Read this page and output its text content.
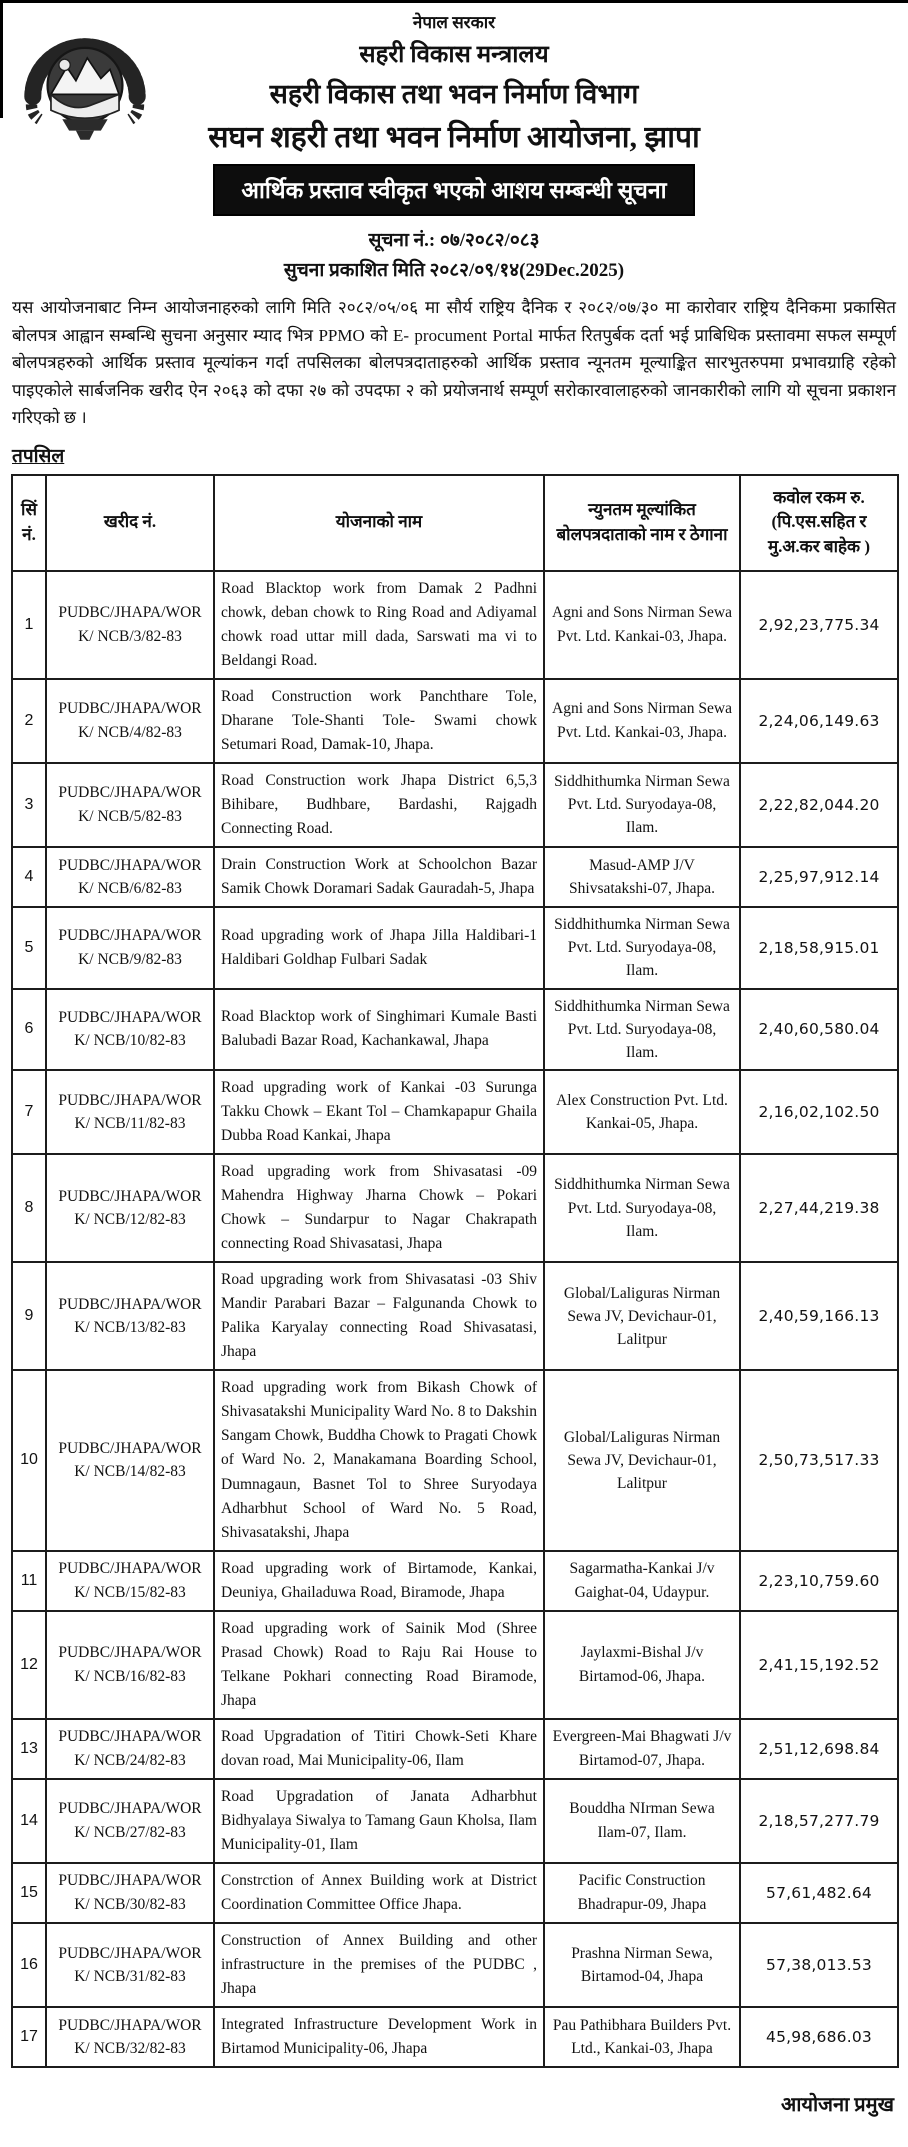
नेपाल सरकार
सहरी विकास मन्त्रालय
सहरी विकास तथा भवन निर्माण विभाग
सघन शहरी तथा भवन निर्माण आयोजना, झापा
आर्थिक प्रस्ताव स्वीकृत भएको आशय सम्बन्धी सूचना
सूचना नं.: ०७/२०८२/०८३
सुचना प्रकाशित मिति २०८२/०९/१४(29Dec.2025)

यस आयोजनाबाट निम्न आयोजनाहरुको लागि मिति २०८२/०५/०६ मा सौर्य राष्ट्रिय दैनिक र २०८२/०७/३० मा कारोवार राष्ट्रिय दैनिकमा प्रकासित बोलपत्र आह्वान सम्बन्धि सुचना अनुसार म्याद भित्र PPMO को E- procument Portal मार्फत रितपुर्बक दर्ता भई प्राबिधिक प्रस्तावमा सफल सम्पूर्ण बोलपत्रहरुको आर्थिक प्रस्ताव मूल्यांकन गर्दा तपसिलका बोलपत्रदाताहरुको आर्थिक प्रस्ताव न्यूनतम मूल्याङ्कित सारभुतरुपमा प्रभावग्राहि रहेको पाइएकोले सार्बजनिक खरीद ऐन २०६३ को दफा २७ को उपदफा २ को प्रयोजनार्थ सम्पूर्ण सरोकारवालाहरुको जानकारीको लागि यो सूचना प्रकाशन गरिएको छ ।

तपसिल
सिं नं.	खरीद नं.	योजनाको नाम	न्युनतम मूल्यांकित बोलपत्रदाताको नाम र ठेगाना	कवोल रकम रु. (पि.एस.सहित र मु.अ.कर बाहेक )
1	PUDBC/JHAPA/WORK/ NCB/3/82-83	Road Blacktop work from Damak 2 Padhni chowk, deban chowk to Ring Road and Adiyamal chowk road uttar mill dada, Sarswati ma vi to Beldangi Road.	Agni and Sons Nirman Sewa Pvt. Ltd. Kankai-03, Jhapa.	2,92,23,775.34
2	PUDBC/JHAPA/WORK/ NCB/4/82-83	Road Construction work Panchthare Tole, Dharane Tole-Shanti Tole- Swami chowk Setumari Road, Damak-10, Jhapa.	Agni and Sons Nirman Sewa Pvt. Ltd. Kankai-03, Jhapa.	2,24,06,149.63
3	PUDBC/JHAPA/WORK/ NCB/5/82-83	Road Construction work Jhapa District 6,5,3 Bihibare, Budhbare, Bardashi, Rajgadh Connecting Road.	Siddhithumka Nirman Sewa Pvt. Ltd. Suryodaya-08, Ilam.	2,22,82,044.20
4	PUDBC/JHAPA/WORK/ NCB/6/82-83	Drain Construction Work at Schoolchon Bazar Samik Chowk Doramari Sadak Gauradah-5, Jhapa	Masud-AMP J/V Shivsatakshi-07, Jhapa.	2,25,97,912.14
5	PUDBC/JHAPA/WORK/ NCB/9/82-83	Road upgrading work of Jhapa Jilla Haldibari-1 Haldibari Goldhap Fulbari Sadak	Siddhithumka Nirman Sewa Pvt. Ltd. Suryodaya-08, Ilam.	2,18,58,915.01
6	PUDBC/JHAPA/WORK/ NCB/10/82-83	Road Blacktop work of Singhimari Kumale Basti Balubadi Bazar Road, Kachankawal, Jhapa	Siddhithumka Nirman Sewa Pvt. Ltd. Suryodaya-08, Ilam.	2,40,60,580.04
7	PUDBC/JHAPA/WORK/ NCB/11/82-83	Road upgrading work of Kankai -03 Surunga Takku Chowk – Ekant Tol – Chamkapapur Ghaila Dubba Road Kankai, Jhapa	Alex Construction Pvt. Ltd. Kankai-05, Jhapa.	2,16,02,102.50
8	PUDBC/JHAPA/WORK/ NCB/12/82-83	Road upgrading work from Shivasatasi -09 Mahendra Highway Jharna Chowk – Pokari Chowk – Sundarpur to Nagar Chakrapath connecting Road Shivasatasi, Jhapa	Siddhithumka Nirman Sewa Pvt. Ltd. Suryodaya-08, Ilam.	2,27,44,219.38
9	PUDBC/JHAPA/WORK/ NCB/13/82-83	Road upgrading work from Shivasatasi -03 Shiv Mandir Parabari Bazar – Falgunanda Chowk to Palika Karyalay connecting Road Shivasatasi, Jhapa	Global/Laliguras Nirman Sewa JV, Devichaur-01, Lalitpur	2,40,59,166.13
10	PUDBC/JHAPA/WORK/ NCB/14/82-83	Road upgrading work from Bikash Chowk of Shivasatakshi Municipality Ward No. 8 to Dakshin Sangam Chowk, Buddha Chowk to Pragati Chowk of Ward No. 2, Manakamana Boarding School, Dumnagaun, Basnet Tol to Shree Suryodaya Adharbhut School of Ward No. 5 Road, Shivasatakshi, Jhapa	Global/Laliguras Nirman Sewa JV, Devichaur-01, Lalitpur	2,50,73,517.33
11	PUDBC/JHAPA/WORK/ NCB/15/82-83	Road upgrading work of Birtamode, Kankai, Deuniya, Ghailaduwa Road, Biramode, Jhapa	Sagarmatha-Kankai J/v Gaighat-04, Udaypur.	2,23,10,759.60
12	PUDBC/JHAPA/WORK/ NCB/16/82-83	Road upgrading work of Sainik Mod (Shree Prasad Chowk) Road to Raju Rai House to Telkane Pokhari connecting Road Biramode, Jhapa	Jaylaxmi-Bishal J/v Birtamod-06, Jhapa.	2,41,15,192.52
13	PUDBC/JHAPA/WORK/ NCB/24/82-83	Road Upgradation of Titiri Chowk-Seti Khare dovan road, Mai Municipality-06, Ilam	Evergreen-Mai Bhagwati J/v Birtamod-07, Jhapa.	2,51,12,698.84
14	PUDBC/JHAPA/WORK/ NCB/27/82-83	Road Upgradation of Janata Adharbhut Bidhyalaya Siwalya to Tamang Gaun Kholsa, Ilam Municipality-01, Ilam	Bouddha NIrman Sewa Ilam-07, Ilam.	2,18,57,277.79
15	PUDBC/JHAPA/WORK/ NCB/30/82-83	Constrction of Annex Building work at District Coordination Committee Office Jhapa.	Pacific Construction Bhadrapur-09, Jhapa	57,61,482.64
16	PUDBC/JHAPA/WORK/ NCB/31/82-83	Construction of Annex Building and other infrastructure in the premises of the PUDBC , Jhapa	Prashna Nirman Sewa, Birtamod-04, Jhapa	57,38,013.53
17	PUDBC/JHAPA/WORK/ NCB/32/82-83	Integrated Infrastructure Development Work in Birtamod Municipality-06, Jhapa	Pau Pathibhara Builders Pvt. Ltd., Kankai-03, Jhapa	45,98,686.03
आयोजना प्रमुख
